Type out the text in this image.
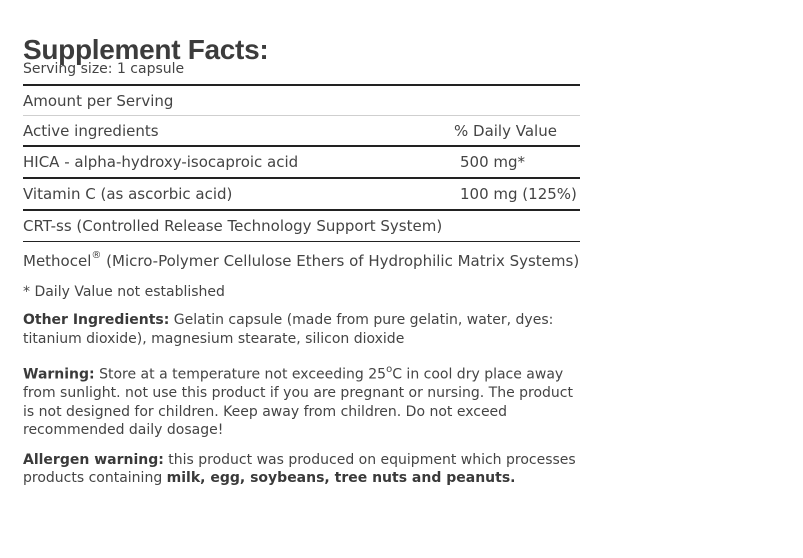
Supplement Facts:
Serving size: 1 capsule
Amount per Serving
Active ingredients	% Daily Value
HICA - alpha-hydroxy-isocaproic acid	500 mg*
Vitamin C (as ascorbic acid)	100 mg (125%)
CRT-ss (Controlled Release Technology Support System)
Methocel® (Micro-Polymer Cellulose Ethers of Hydrophilic Matrix Systems)
* Daily Value not established
Other Ingredients: Gelatin capsule (made from pure gelatin, water, dyes: titanium dioxide), magnesium stearate, silicon dioxide
Warning: Store at a temperature not exceeding 25$^o$C in cool dry place away from sunlight. not use this product if you are pregnant or nursing. The product is not designed for children. Keep away from children. Do not exceed recommended daily dosage!
Allergen warning: this product was produced on equipment which processes products containing milk, egg, soybeans, tree nuts and peanuts.
